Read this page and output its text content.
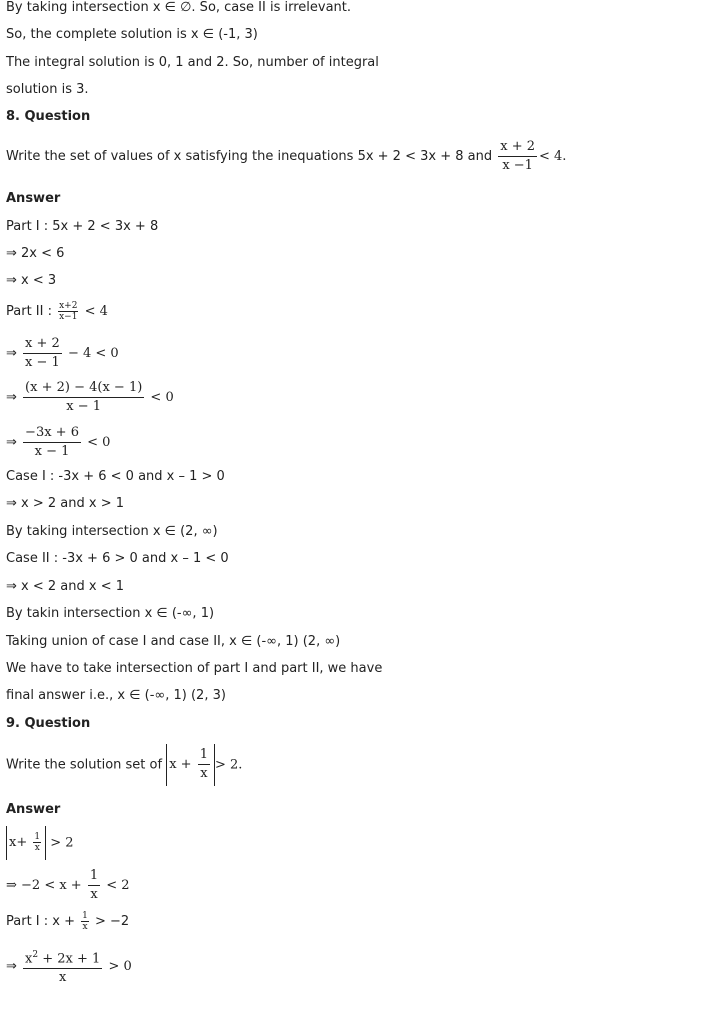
By taking intersection x ∈ ∅. So, case II is irrelevant.
So, the complete solution is x ∈ (-1, 3)
The integral solution is 0, 1 and 2. So, number of integral
solution is 3.
8. Question
Write the set of values of x satisfying the inequations 5x + 2 < 3x + 8 and $\frac{x + 2}{x -1} < 4$.
Answer
Part I : 5x + 2 < 3x + 8
⇒ 2x < 6
⇒ x < 3
Part II : $\frac{x+2}{x-1} < 4$
⇒ $\frac{x + 2}{x - 1} - 4 < 0$
⇒ $\frac{(x + 2) - 4(x - 1)}{x - 1} < 0$
⇒ $\frac{-3x + 6}{x - 1} < 0$
Case I : -3x + 6 < 0 and x – 1 > 0
⇒ x > 2 and x > 1
By taking intersection x ∈ (2, ∞)
Case II : -3x + 6 > 0 and x – 1 < 0
⇒ x < 2 and x < 1
By takin intersection x ∈ (-∞, 1)
Taking union of case I and case II, x ∈ (-∞, 1) (2, ∞)
We have to take intersection of part I and part II, we have
final answer i.e., x ∈ (-∞, 1) (2, 3)
9. Question
Write the solution set of $x + \frac{1}{x} > 2$.
Answer
$x+ \frac{1}{x} > 2$
⇒ $-2 < x + \frac{1}{x} < 2$
Part I : $x + \frac{1}{x} > -2$
⇒ $\frac{x^2 + 2x + 1}{x} > 0$
